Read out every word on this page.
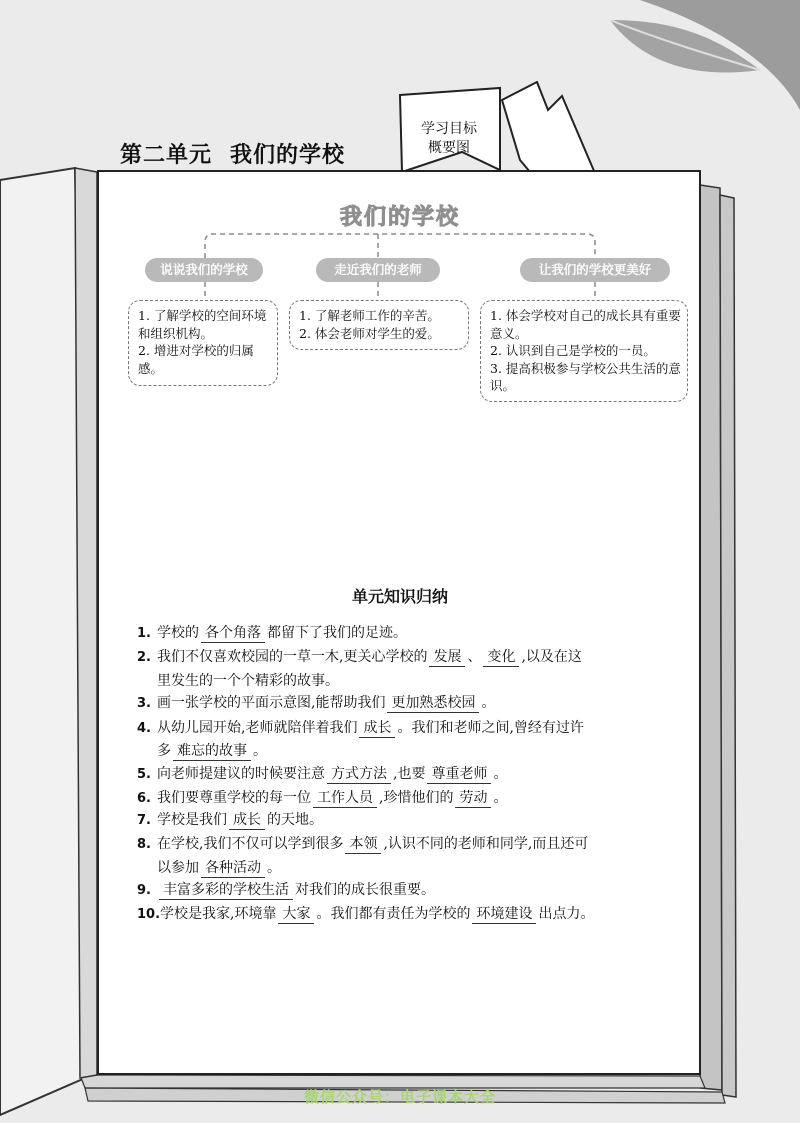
第二单元 我们的学校
学习目标
概要图
我们的学校
说说我们的学校	走近我们的老师	让我们的学校更美好
1. 了解学校的空间环境和组织机构。
2. 增进对学校的归属感。
1. 了解老师工作的辛苦。
2. 体会老师对学生的爱。
1. 体会学校对自己的成长具有重要意义。
2. 认识到自己是学校的一员。
3. 提高积极参与学校公共生活的意识。
单元知识归纳
1. 学校的 各个角落 都留下了我们的足迹。
2. 我们不仅喜欢校园的一草一木,更关心学校的 发展 、 变化 ,以及在这
里发生的一个个精彩的故事。
3. 画一张学校的平面示意图,能帮助我们 更加熟悉校园 。
4. 从幼儿园开始,老师就陪伴着我们 成长 。我们和老师之间,曾经有过许
多 难忘的故事 。
5. 向老师提建议的时候要注意 方式方法 ,也要 尊重老师 。
6. 我们要尊重学校的每一位 工作人员 ,珍惜他们的 劳动 。
7. 学校是我们 成长 的天地。
8. 在学校,我们不仅可以学到很多 本领 ,认识不同的老师和同学,而且还可
以参加 各种活动 。
9. 丰富多彩的学校生活 对我们的成长很重要。
10.学校是我家,环境靠 大家 。我们都有责任为学校的 环境建设 出点力。
微信公众号：电子课本大全
